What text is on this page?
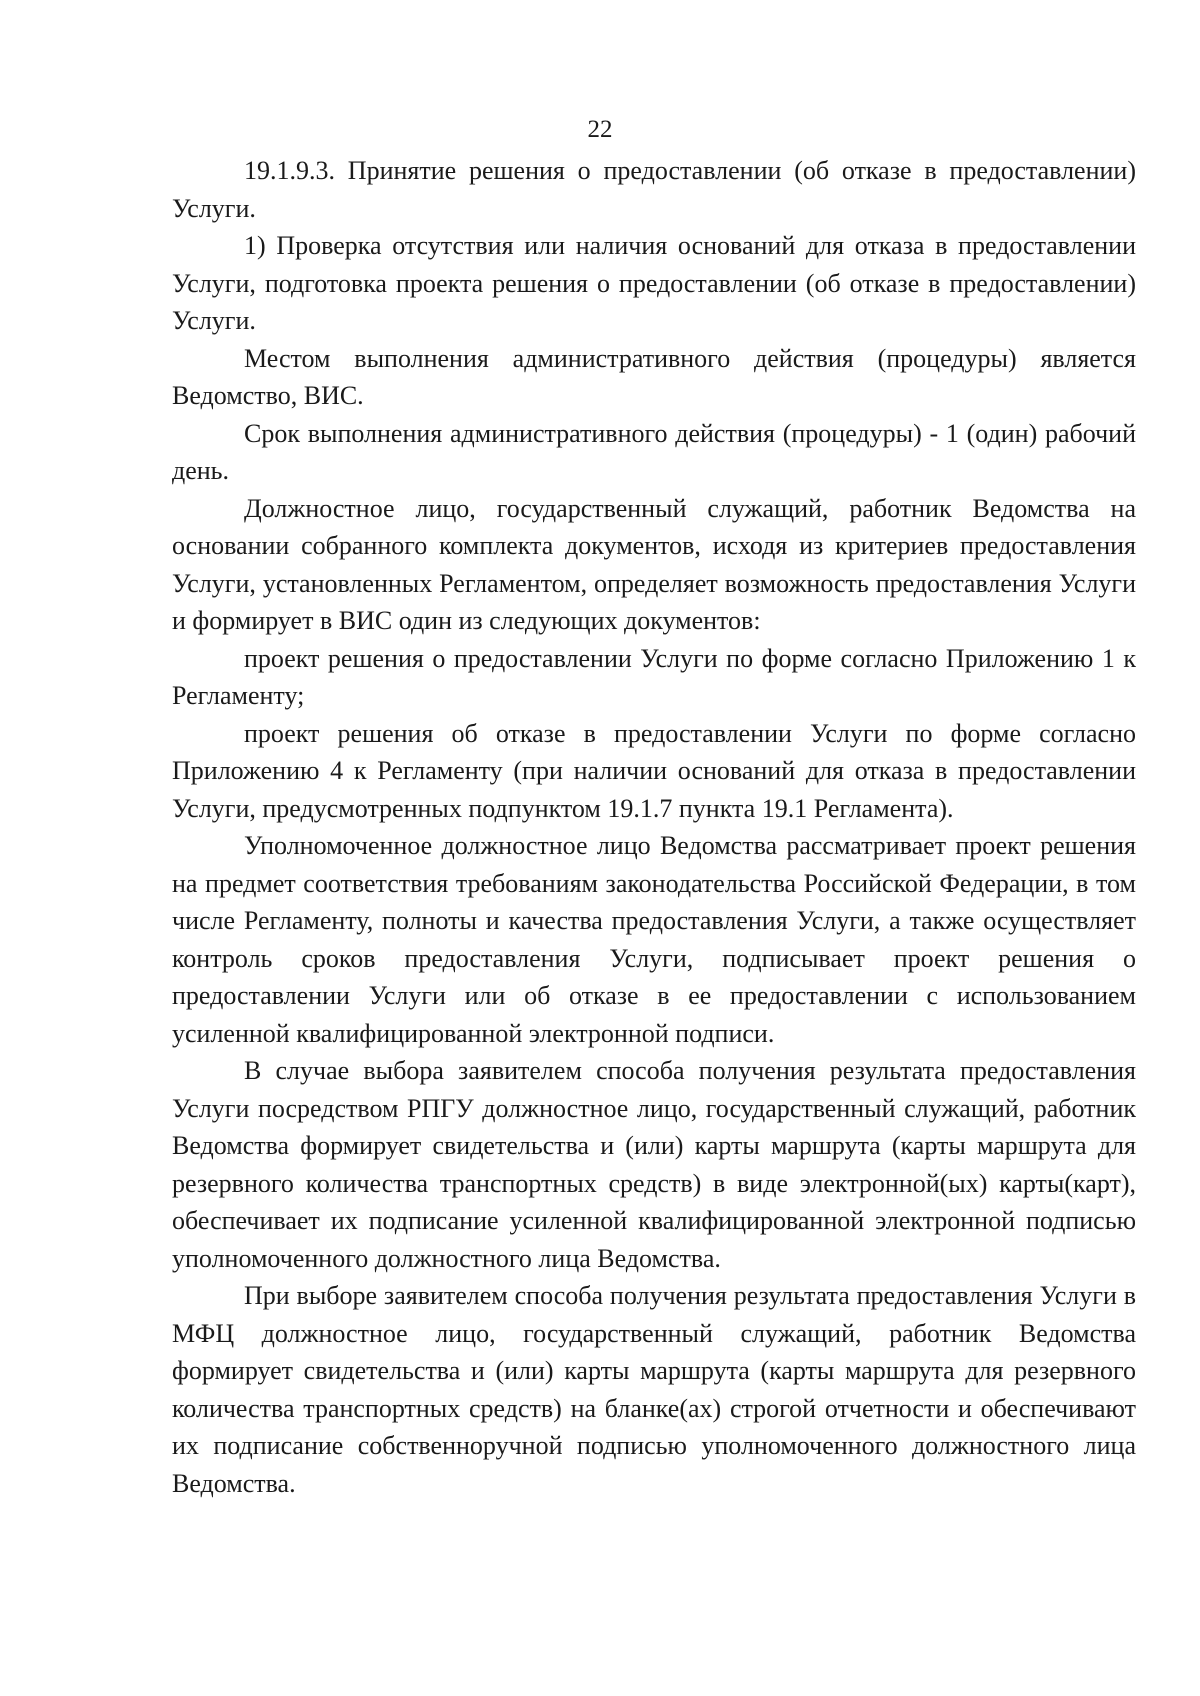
22

19.1.9.3. Принятие решения о предоставлении (об отказе в предоставлении) Услуги.

1) Проверка отсутствия или наличия оснований для отказа в предоставлении Услуги, подготовка проекта решения о предоставлении (об отказе в предоставлении) Услуги.

Местом выполнения административного действия (процедуры) является Ведомство, ВИС.

Срок выполнения административного действия (процедуры) - 1 (один) рабочий день.

Должностное лицо, государственный служащий, работник Ведомства на основании собранного комплекта документов, исходя из критериев предоставления Услуги, установленных Регламентом, определяет возможность предоставления Услуги и формирует в ВИС один из следующих документов:

проект решения о предоставлении Услуги по форме согласно Приложению 1 к Регламенту;

проект решения об отказе в предоставлении Услуги по форме согласно Приложению 4 к Регламенту (при наличии оснований для отказа в предоставлении Услуги, предусмотренных подпунктом 19.1.7 пункта 19.1 Регламента).

Уполномоченное должностное лицо Ведомства рассматривает проект решения на предмет соответствия требованиям законодательства Российской Федерации, в том числе Регламенту, полноты и качества предоставления Услуги, а также осуществляет контроль сроков предоставления Услуги, подписывает проект решения о предоставлении Услуги или об отказе в ее предоставлении с использованием усиленной квалифицированной электронной подписи.

В случае выбора заявителем способа получения результата предоставления Услуги посредством РПГУ должностное лицо, государственный служащий, работник Ведомства формирует свидетельства и (или) карты маршрута (карты маршрута для резервного количества транспортных средств) в виде электронной(ых) карты(карт), обеспечивает их подписание усиленной квалифицированной электронной подписью уполномоченного должностного лица Ведомства.

При выборе заявителем способа получения результата предоставления Услуги в МФЦ должностное лицо, государственный служащий, работник Ведомства формирует свидетельства и (или) карты маршрута (карты маршрута для резервного количества транспортных средств) на бланке(ах) строгой отчетности и обеспечивают их подписание собственноручной подписью уполномоченного должностного лица Ведомства.
